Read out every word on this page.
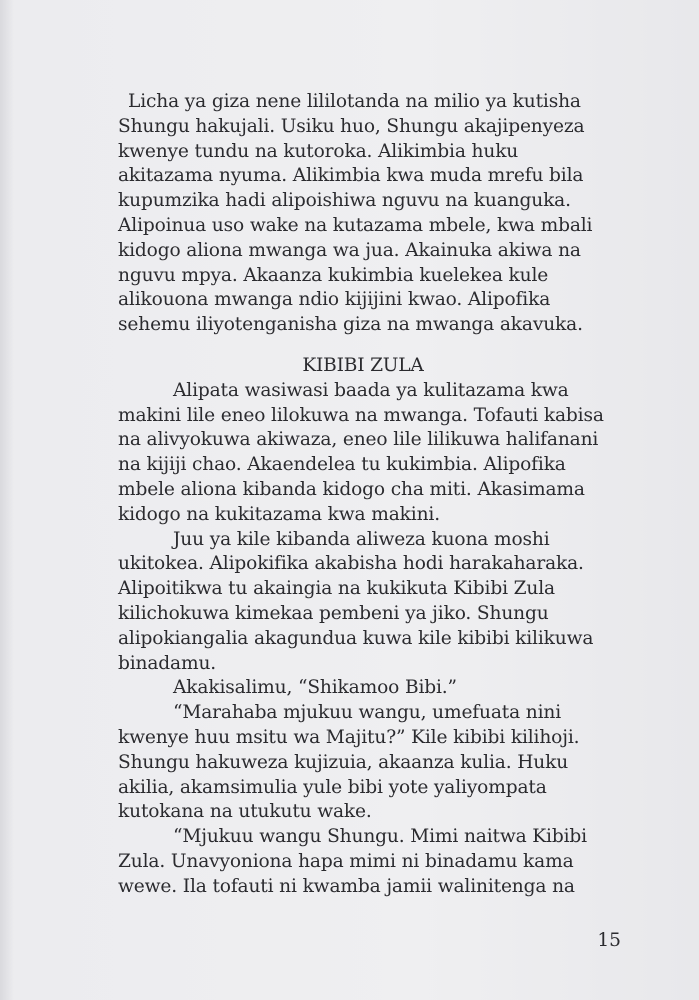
Licha ya giza nene lililotanda na milio ya kutisha
Shungu hakujali. Usiku huo, Shungu akajipenyeza
kwenye tundu na kutoroka. Alikimbia huku
akitazama nyuma. Alikimbia kwa muda mrefu bila
kupumzika hadi alipoishiwa nguvu na kuanguka.
Alipoinua uso wake na kutazama mbele, kwa mbali
kidogo aliona mwanga wa jua. Akainuka akiwa na
nguvu mpya. Akaanza kukimbia kuelekea kule
alikouona mwanga ndio kijijini kwao. Alipofika
sehemu iliyotenganisha giza na mwanga akavuka.

KIBIBI ZULA

Alipata wasiwasi baada ya kulitazama kwa
makini lile eneo lilokuwa na mwanga. Tofauti kabisa
na alivyokuwa akiwaza, eneo lile lilikuwa halifanani
na kijiji chao. Akaendelea tu kukimbia. Alipofika
mbele aliona kibanda kidogo cha miti. Akasimama
kidogo na kukitazama kwa makini.

Juu ya kile kibanda aliweza kuona moshi
ukitokea. Alipokifika akabisha hodi harakaharaka.
Alipoitikwa tu akaingia na kukikuta Kibibi Zula
kilichokuwa kimekaa pembeni ya jiko. Shungu
alipokiangalia akagundua kuwa kile kibibi kilikuwa
binadamu.

Akakisalimu, “Shikamoo Bibi.”

“Marahaba mjukuu wangu, umefuata nini
kwenye huu msitu wa Majitu?” Kile kibibi kilihoji.
Shungu hakuweza kujizuia, akaanza kulia. Huku
akilia, akamsimulia yule bibi yote yaliyompata
kutokana na utukutu wake.

“Mjukuu wangu Shungu. Mimi naitwa Kibibi
Zula. Unavyoniona hapa mimi ni binadamu kama
wewe. Ila tofauti ni kwamba jamii walinitenga na

15
